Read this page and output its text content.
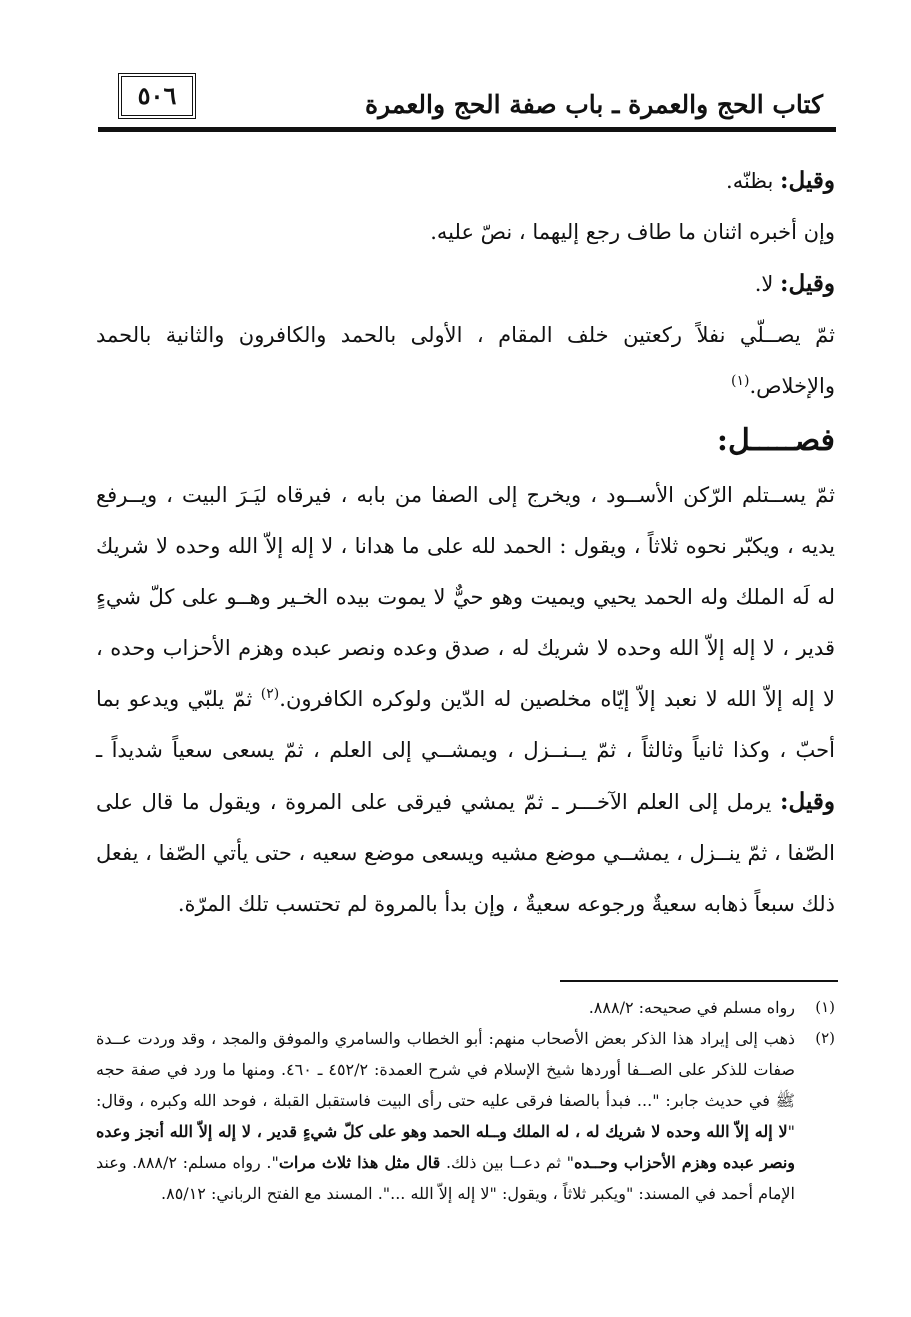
٥٠٦	كتاب الحج والعمرة ـ باب صفة الحج والعمرة

وقيل: بظنّه.

وإن أخبره اثنان ما طاف رجع إليهما ، نصّ عليه.

وقيل: لا.

ثمّ يصــلّي نفلاً ركعتين خلف المقام ، الأولى بالحمد والكافرون والثانية بالحمد والإخلاص.$^{(١)}$

فصـــــل:

ثمّ يســتلم الرّكن الأســود ، ويخرج إلى الصفا من بابه ، فيرقاه ليَـرَ البيت ، ويــرفع يديه ، ويكبّر نحوه ثلاثاً ، ويقول : الحمد لله على ما هدانا ، لا إله إلاّ الله وحده لا شريك له لَه الملك وله الحمد يحيي ويميت وهو حيٌّ لا يموت بيده الخـير وهــو على كلّ شيءٍ قدير ، لا إله إلاّ الله وحده لا شريك له ، صدق وعده ونصر عبده وهزم الأحزاب وحده ، لا إله إلاّ الله لا نعبد إلاّ إيّاه مخلصين له الدّين ولوكره الكافرون.$^{(٢)}$ ثمّ يلبّي ويدعو بما أحبّ ، وكذا ثانياً وثالثاً ، ثمّ يــنــزل ، ويمشــي إلى العلم ، ثمّ يسعى سعياً شديداً ـ وقيل: يرمل إلى العلم الآخـــر ـ ثمّ يمشي فيرقى على المروة ، ويقول ما قال على الصّفا ، ثمّ ينــزل ، يمشــي موضع مشيه ويسعى موضع سعيه ، حتى يأتي الصّفا ، يفعل ذلك سبعاً ذهابه سعيةٌ ورجوعه سعيةٌ ، وإن بدأ بالمروة لم تحتسب تلك المرّة.

(١)
رواه مسلم في صحيحه: ٨٨٨/٢.
(٢)
ذهب إلى إيراد هذا الذكر بعض الأصحاب منهم: أبو الخطاب والسامري والموفق والمجد ، وقد وردت عــدة صفات للذكر على الصــفا أوردها شيخ الإسلام في شرح العمدة: ٤٥٢/٢ ـ ٤٦٠. ومنها ما ورد في صفة حجه ﷺ في حديث جابر: "... فبدأ بالصفا فرقى عليه حتى رأى البيت فاستقبل القبلة ، فوحد الله وكبره ، وقال: "لا إله إلاّ الله وحده لا شريك له ، له الملك وــله الحمد وهو على كلّ شيءٍ قدير ، لا إله إلاّ الله أنجز وعده ونصر عبده وهزم الأحزاب وحــده" ثم دعــا بين ذلك. قال مثل هذا ثلاث مرات". رواه مسلم: ٨٨٨/٢. وعند الإمام أحمد في المسند: "ويكبر ثلاثاً ، ويقول: "لا إله إلاّ الله ...". المسند مع الفتح الرباني: ٨٥/١٢.
